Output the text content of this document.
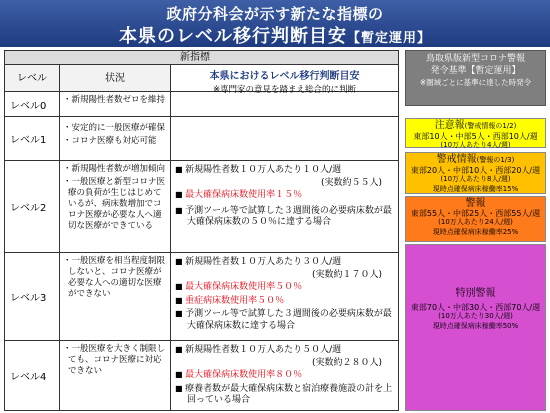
政府分科会が示す新たな指標の
本県のレベル移行判断目安【暫定運用】
新指標
レベル	状況	本県におけるレベル移行判断目安
※専門家の意見を踏まえ総合的に判断
レベル0
・新規陽性者数ゼロを維持
レベル1
・安定的に一般医療が確保
・コロナ医療も対応可能
レベル2
・新規陽性者数が増加傾向
・一般医療と新型コロナ医療の負荷が生じはじめているが、病床数増加でコロナ医療が必要な人へ適切な医療ができている
■ 新規陽性者数１０万人あたり１０人/週
(実数約５５人)
■ 最大確保病床数使用率１５％
■ 予測ツール等で試算した３週間後の必要病床数が最大確保病床数の５０％に達する場合
レベル3
・一般医療を相当程度制限しないと、コロナ医療が必要な人への適切な医療ができない
■ 新規陽性者数１０万人あたり３０人/週
(実数約１７０人)
■ 最大確保病床数使用率５０％
■ 重症病床数使用率５０％
■ 予測ツール等で試算した３週間後の必要病床数が最大確保病床数に達する場合
レベル4
・一般医療を大きく制限しても、コロナ医療に対応できない
■ 新規陽性者数１０万人あたり５０人/週
(実数約２８０人)
■ 最大確保病床数使用率８０％
■ 療養者数が最大確保病床数と宿泊療養施設の計を上回っている場合
鳥取県版新型コロナ警報
発令基準【暫定運用】
※圏域ごとに基準に達した時発令
注意報(警戒情報の1/2)
東部10人・中部5人・西部10人/週
(10万人あたり4人/週)
警戒情報(警報の1/3)
東部20人・中部10人・西部20人/週
(10万人あたり8人/週)
現時点確保病床稼働率15%
警報
東部55人・中部25人・西部55人/週
(10万人あたり24人/週)
現時点確保病床稼働率25%
特別警報
東部70人・中部30人・西部70人/週
(10万人あたり30人/週)
現時点確保病床稼働率50%
